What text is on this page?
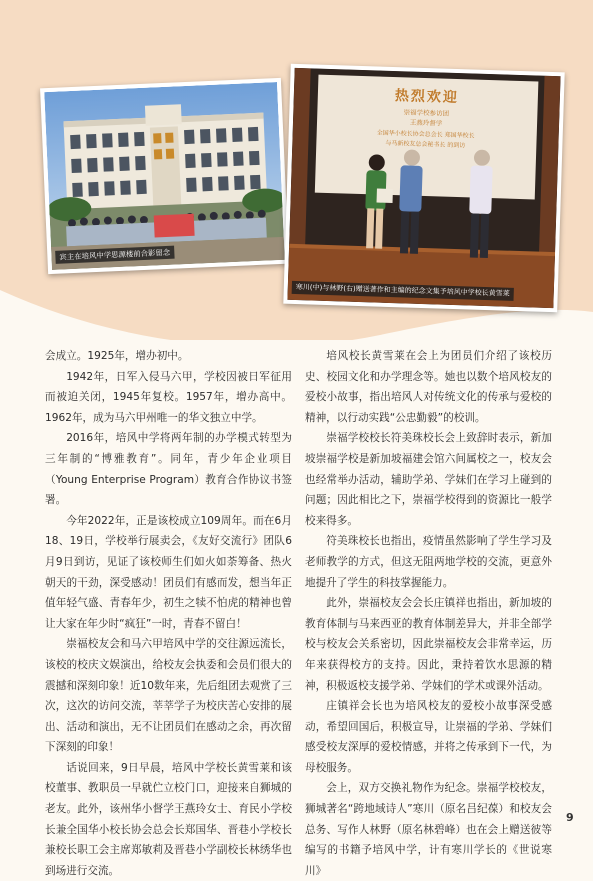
宾主在培风中学思源楼前合影留念
热烈欢迎
崇福学校参访团
王燕玲督学
全国华小校长协会总会长 郑国华校长
与马新校友总会秘书长 的到访
寒川(中)与林野(右)赠送著作和主编的纪念文集予培风中学校长黄雪莱

会成立。1925年，增办初中。

1942年，日军入侵马六甲，学校因被日军征用而被迫关闭，1945年复校。1957年，增办高中。1962年，成为马六甲州唯一的华文独立中学。

2016年，培风中学将两年制的办学模式转型为三年制的“博雅教育”。同年，青少年企业项目（Young Enterprise Program）教育合作协议书签署。

今年2022年，正是该校成立109周年。而在6月18、19日，学校举行展卖会，《友好交流行》团队6月9日到访，见证了该校师生们如火如荼筹备、热火朝天的干劲，深受感动！团员们有感而发，想当年正值年轻气盛、青春年少，初生之犊不怕虎的精神也曾让大家在年少时“疯狂”一时，青春不留白！

崇福校友会和马六甲培风中学的交往源远流长，该校的校庆文娱演出，给校友会执委和会员们很大的震撼和深刻印象！近10数年来，先后组团去观赏了三次，这次的访问交流，莘莘学子为校庆苦心安排的展出、活动和演出，无不让团员们在感动之余，再次留下深刻的印象！

话说回来，9日早晨，培风中学校长黄雪莱和该校董事、教职员一早就伫立校门口，迎接来自狮城的老友。此外，该州华小督学王燕玲女士、育民小学校长兼全国华小校长协会总会长郑国华、晋巷小学校长兼校长职工会主席郑敏莉及晋巷小学副校长林绣华也到场进行交流。

培风校长黄雪莱在会上为团员们介绍了该校历史、校园文化和办学理念等。她也以数个培风校友的爱校小故事，指出培风人对传统文化的传承与爱校的精神，以行动实践“公忠勤毅”的校训。

崇福学校校长符美珠校长会上致辞时表示，新加坡崇福学校是新加坡福建会馆六间属校之一，校友会也经常举办活动，辅助学弟、学妹们在学习上碰到的问题；因此相比之下，崇福学校得到的资源比一般学校来得多。

符美珠校长也指出，疫情虽然影响了学生学习及老师教学的方式，但这无阻两地学校的交流，更意外地提升了学生的科技掌握能力。

此外，崇福校友会会长庄镇祥也指出，新加坡的教育体制与马来西亚的教育体制差异大，并非全部学校与校友会关系密切，因此崇福校友会非常幸运，历年来获得校方的支持。因此，秉持着饮水思源的精神，积极返校支援学弟、学妹们的学术或课外活动。

庄镇祥会长也为培风校友的爱校小故事深受感动，希望回国后，积极宣导，让崇福的学弟、学妹们感受校友深厚的爱校情感，并将之传承到下一代，为母校服务。

会上，双方交换礼物作为纪念。崇福学校校友，狮城著名“跨地域诗人”寒川（原名吕纪葆）和校友会总务、写作人林野（原名林碧峰）也在会上赠送彼等编写的书籍予培风中学，计有寒川学长的《世说寒川》

9
